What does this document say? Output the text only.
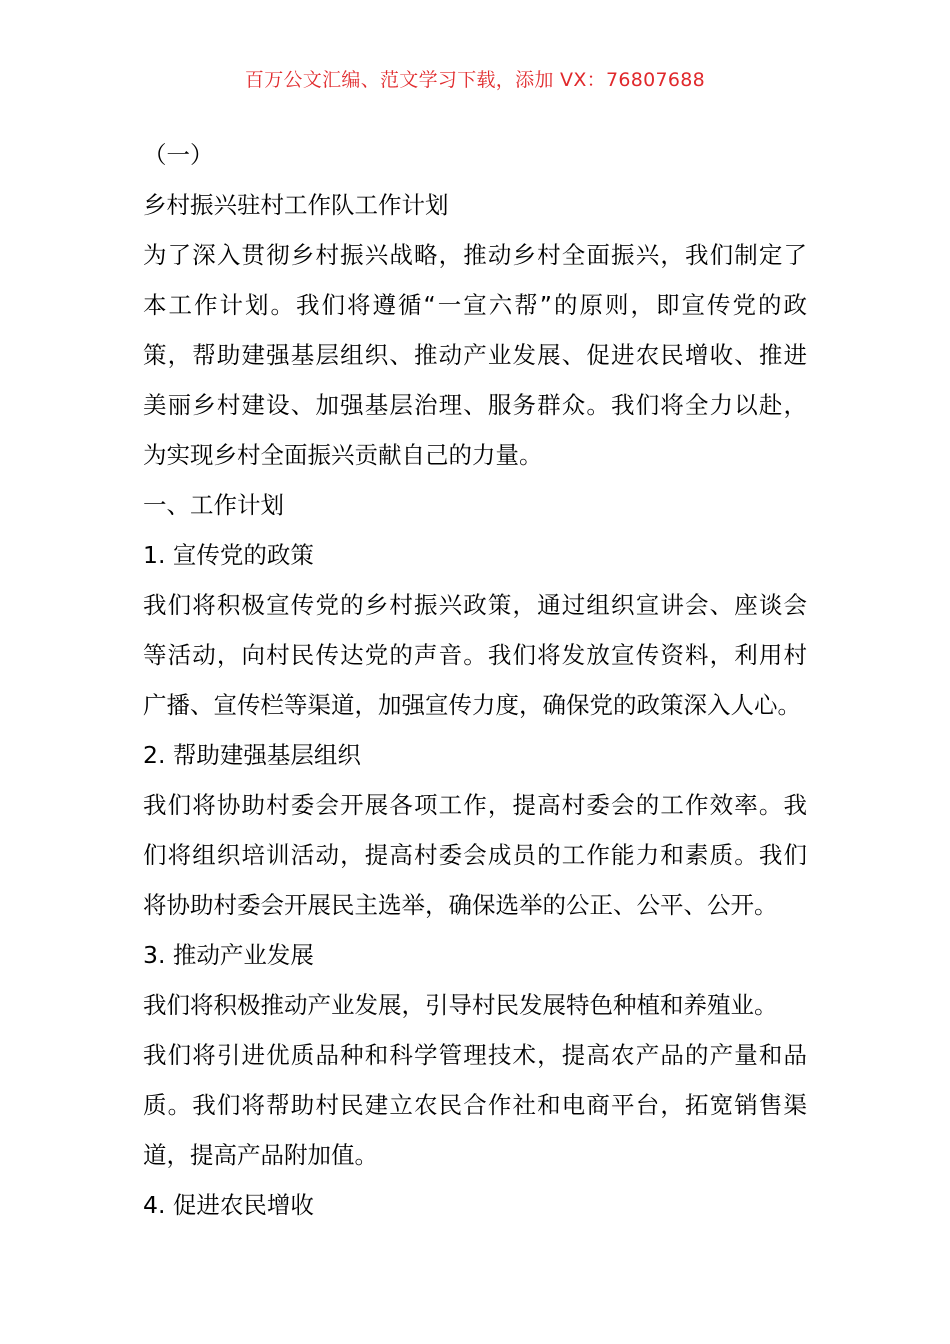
百万公文汇编、范文学习下载，添加 VX：76807688
（一）
乡村振兴驻村工作队工作计划
为了深入贯彻乡村振兴战略，推动乡村全面振兴，我们制定了
本工作计划。我们将遵循“一宣六帮”的原则，即宣传党的政
策，帮助建强基层组织、推动产业发展、促进农民增收、推进
美丽乡村建设、加强基层治理、服务群众。我们将全力以赴，
为实现乡村全面振兴贡献自己的力量。
一、工作计划
1. 宣传党的政策
我们将积极宣传党的乡村振兴政策，通过组织宣讲会、座谈会
等活动，向村民传达党的声音。我们将发放宣传资料，利用村
广播、宣传栏等渠道，加强宣传力度，确保党的政策深入人心。
2. 帮助建强基层组织
我们将协助村委会开展各项工作，提高村委会的工作效率。我
们将组织培训活动，提高村委会成员的工作能力和素质。我们
将协助村委会开展民主选举，确保选举的公正、公平、公开。
3. 推动产业发展
我们将积极推动产业发展，引导村民发展特色种植和养殖业。
我们将引进优质品种和科学管理技术，提高农产品的产量和品
质。我们将帮助村民建立农民合作社和电商平台，拓宽销售渠
道，提高产品附加值。
4. 促进农民增收
